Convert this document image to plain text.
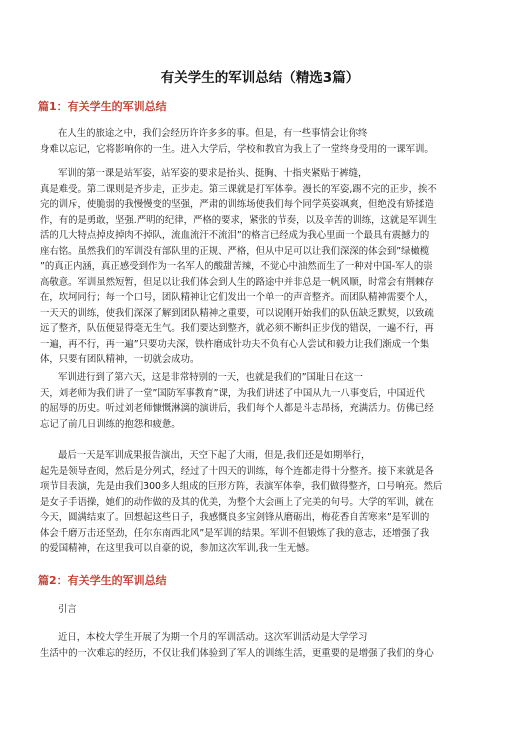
有关学生的军训总结（精选3篇）
篇1：有关学生的军训总结
在人生的旅途之中，我们会经历许许多多的事。但是，有一些事情会让你终
身难以忘记，它将影响你的一生。进入大学后，学校和教官为我上了一堂终身受用的一课军训。
军训的第一课是站军姿，站军姿的要求是抬头、挺胸、十指夹紧贴于裤缝，
真是难受。第二课则是齐步走，正步走。第三课就是打军体拳。漫长的军姿,踢不完的正步，挨不
完的训斥，使脆弱的我慢慢变的坚强，严肃的训练场使我们每个同学英姿飒爽，但绝没有矫揉造
作，有的是勇敢，坚强.严明的纪律，严格的要求，紧张的节奏，以及辛苦的训练，这就是军训生
活的几大特点掉皮掉肉不掉队，流血流汗不流泪”的格言已经成为我心里面一个最具有震撼力的
座右铭。虽然我们的军训没有部队里的正规、严格，但从中足可以让我们深深的体会到”绿橄榄
”的真正内涵，真正感受到作为一名军人的酸甜苦辣，不觉心中油然而生了一种对中国-军人的崇
高敬意。军训虽然短暂，但足以让我们体会到人生的路途中并非总是一帆风顺，时常会有荆棘存
在，坎坷同行；每一个口号，团队精神让它们发出一个单一的声音整齐。而团队精神需要个人，
一天天的训练，使我们深深了解到团队精神之重要，可以说刚开始我们的队伍缺乏默契，以致疏
远了整齐，队伍便显得毫无生气。我们要达到整齐，就必须不断纠正步伐的错误，一遍不行，再
一遍，再不行，再一遍”只要功夫深，铁杵磨成针功夫不负有心人尝试和毅力让我们渐成一个集
体，只要有团队精神，一切就会成功。
军训进行到了第六天，这是非常特别的一天，也就是我们的”国耻日在这一
天，刘老师为我们讲了一堂”国防军事教育”课，为我们讲述了中国从九一八事变后，中国近代
的屈辱的历史。听过刘老师慷慨淋漓的演讲后，我们每个人都是斗志昂扬，充满活力。仿佛已经
忘记了前几日训练的抱怨和疲惫。
最后一天是军训成果报告演出，天空下起了大雨，但是,我们还是如期举行，
起先是领导查阅，然后是分列式，经过了十四天的训练，每个连都走得十分整齐。接下来就是各
项节目表演，先是由我们300多人组成的巨形方阵，表演军体拳，我们做得整齐，口号响亮。然后
是女子手语操，她们的动作做的及其的优美，为整个大会画上了完美的句号。大学的军训，就在
今天，圆满结束了。回想起这些日子，我感慨良多宝剑锋从磨砺出，梅花香自苦寒来”是军训的
体会千磨万击还坚劲，任尔东南西北风”是军训的结果。军训不但锻炼了我的意志，还增强了我
的爱国精神，在这里我可以自豪的说，参加这次军训,我一生无憾。
篇2：有关学生的军训总结
引言
近日，本校大学生开展了为期一个月的军训活动。这次军训活动是大学学习
生活中的一次难忘的经历，不仅让我们体验到了军人的训练生活，更重要的是增强了我们的身心
